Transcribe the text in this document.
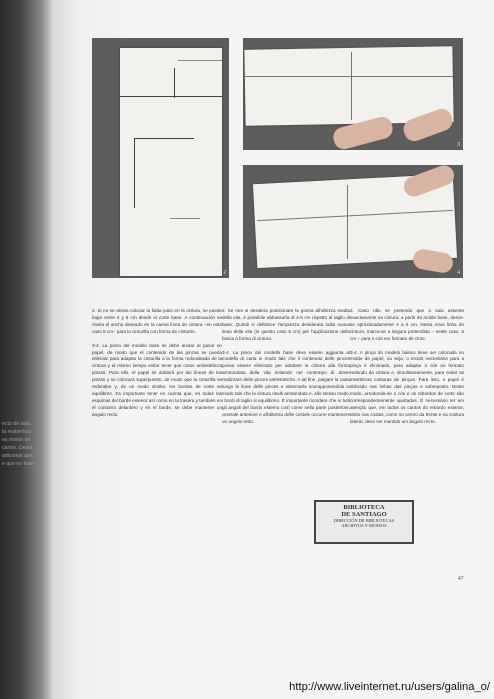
ecto de saia,
la reabertura
es molde de
cartes. Desta
adicional que
e que no fazer
2
3
4

2. Si no se desea colocar la falda justo en la cintura, se puede bajar entre 4 y 6 cm desde el corte base. A continuación se nivela el ancho deseado en la nueva línea de cintura –en este caso 6 cm– para la cinturilla con forma de cinturón.

3-4. La pinza del modelo base se debe anular al pasar en papel, de modo que el contenido de las pinzas se pueda eliminar para adaptar la cinturilla a la forma redondeada de la cintura y al mismo tiempo evitar tener que coser antiestéticos pinzas. Para ello, el papel se doblará por las líneas de las pinzas y se colocará superpuesto, de modo que la cinturilla se redondee y, de un modo similar, los bordes de corte se equilibren. Es importante tener en cuenta que, en todas las esquinas del borde exterior así como en la trasera y también en el contorno delantero y en el borde, se debe mantener un ángulo recto.

2. Se non si desidera posizionare la gonna all'altezza esatta della vita, è possibile abbassarla di 4-6 cm rispetto al taglio di base. Quindi si definisce l'ampiezza desiderata sulla nuova linea della vita (in questo caso 6 cm) per l'applicazione della fascia a forma di cintura.

3-4. La pince del modello base deve essere aggiunta al modello di carta in modo tale che il contenuto delle pinces possa essere eliminato per adattare la cintura alla forma arrotondata della vita evitando nel contempo di dover realizzare delle pinces antiestetiche. A tal fine, piegare la carta lungo le linee delle pinces e sistemarla sovrapponendola in modo tale che la cintura risulti arrotondata e, allo stesso modo, i bordi di taglio si equilibrino. È importante ricordare che in tutti gli angoli del bordo esterno così come nella parte posteriore, centrale anteriore e all'altezza delle costole occorre mantenere un angolo retto.

2. Caso não se pretenda que a saia assente exactamente na cintura, a partir do molde base, desce-se aproximadamente 4 a 6 cm. Nesta nova linha de cintura, marca-se a largura pretendida – neste caso, 6 cm – para o cós em formato de cinto.

3-4. A pinça do modelo básico deve ser colocada no molde de papel, ou seja, o tecido necessário para a pinça é eliminado, para adaptar o cós ao formato redondo da cintura e, simultaneamente, para evitar as inestéticas costuras de pinças. Para isso, o papel é dobrado nas linhas das pinças e sobreposto. Deste modo, arredonda-se o cós e os rebordos de corte são correspondentemente ajustados. É necessário ter em atenção que, em todos os cantos do rebordo exterior, tanto nas costas, como no centro da frente e na costura lateral, deve ser mantido um ângulo recto.

BIBLIOTECA
DE SANTIAGO
DIRECCIÓN DE BIBLIOTECAS
ARCHIVOS Y MUSEOS
47
http://www.liveinternet.ru/users/galina_o/
